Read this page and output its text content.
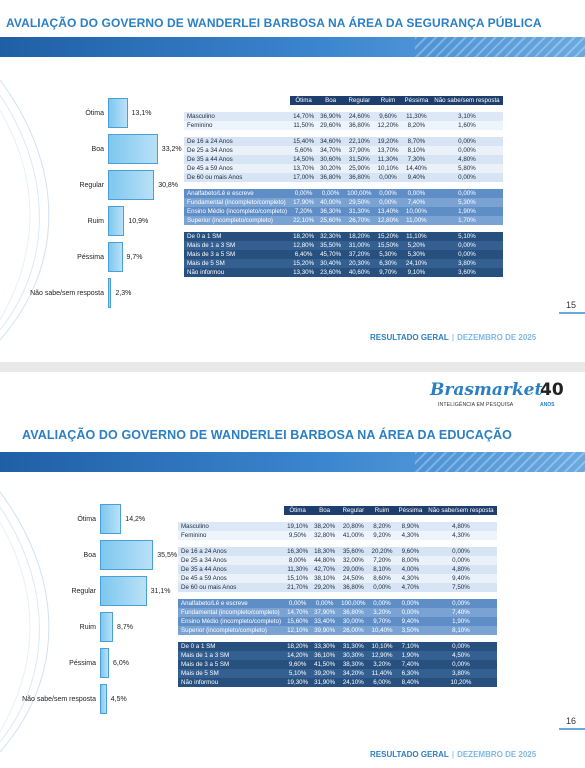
AVALIAÇÃO DO GOVERNO DE WANDERLEI BARBOSA NA ÁREA DA SEGURANÇA PÚBLICA
Ótima	13,1%
Boa	33,2%
Regular	30,8%
Ruim	10,9%
Péssima	9,7%
Não sabe/sem resposta	2,3%
	Ótima	Boa	Regular	Ruim	Péssima	Não sabe/sem resposta

Masculino	14,70%	36,90%	24,60%	9,60%	11,30%	3,10%
Feminino	11,50%	29,60%	36,80%	12,20%	8,20%	1,60%

De 16 a 24 Anos	15,40%	34,60%	22,10%	19,20%	8,70%	0,00%
De 25 a 34 Anos	5,60%	34,70%	37,90%	13,70%	8,10%	0,00%
De 35 a 44 Anos	14,50%	30,60%	31,50%	11,30%	7,30%	4,80%
De 45 a 59 Anos	13,70%	30,20%	25,90%	10,10%	14,40%	5,80%
De 60 ou mais Anos	17,00%	36,80%	36,80%	0,00%	9,40%	0,00%

Analfabeto/Lê e escreve	0,00%	0,00%	100,00%	0,00%	0,00%	0,00%
Fundamental (incompleto/completo)	17,90%	40,00%	29,50%	0,00%	7,40%	5,30%
Ensino Médio (incompleto/completo)	7,20%	36,30%	31,30%	13,40%	10,00%	1,90%
Superior (incompleto/completo)	22,10%	25,60%	26,70%	12,80%	11,00%	1,70%

De 0 a 1 SM	18,20%	32,30%	18,20%	15,20%	11,10%	5,10%
Mais de 1 a 3 SM	12,80%	35,50%	31,00%	15,50%	5,20%	0,00%
Mais de 3 a 5 SM	6,40%	45,70%	37,20%	5,30%	5,30%	0,00%
Mais de 5 SM	15,20%	30,40%	20,30%	6,30%	24,10%	3,80%
Não informou	13,30%	23,60%	40,60%	9,70%	9,10%	3,60%
15
RESULTADO GERAL | DEZEMBRO DE 2025
Brasmarket
40
INTELIGÊNCIA EM PESQUISA	ANOS
AVALIAÇÃO DO GOVERNO DE WANDERLEI BARBOSA NA ÁREA DA EDUCAÇÃO
Ótima	14,2%
Boa	35,5%
Regular	31,1%
Ruim	8,7%
Péssima	6,0%
Não sabe/sem resposta	4,5%
	Ótima	Boa	Regular	Ruim	Péssima	Não sabe/sem resposta

Masculino	19,10%	38,20%	20,80%	8,20%	8,90%	4,80%
Feminino	9,50%	32,80%	41,00%	9,20%	4,30%	4,30%

De 16 a 24 Anos	16,30%	18,30%	35,60%	20,20%	9,60%	0,00%
De 25 a 34 Anos	8,00%	44,80%	32,00%	7,20%	8,00%	0,00%
De 35 a 44 Anos	11,30%	42,70%	29,00%	8,10%	4,00%	4,80%
De 45 a 59 Anos	15,10%	38,10%	24,50%	8,60%	4,30%	9,40%
De 60 ou mais Anos	21,70%	29,20%	36,80%	0,00%	4,70%	7,50%

Analfabeto/Lê e escreve	0,00%	0,00%	100,00%	0,00%	0,00%	0,00%
Fundamental (incompleto/completo)	14,70%	37,90%	36,80%	3,20%	0,00%	7,40%
Ensino Médio (incompleto/completo)	15,60%	33,40%	30,00%	9,70%	9,40%	1,90%
Superior (incompleto/completo)	12,10%	39,90%	26,00%	10,40%	3,50%	8,10%

De 0 a 1 SM	18,20%	33,30%	31,30%	10,10%	7,10%	0,00%
Mais de 1 a 3 SM	14,20%	36,10%	30,30%	12,90%	1,90%	4,50%
Mais de 3 a 5 SM	9,60%	41,50%	38,30%	3,20%	7,40%	0,00%
Mais de 5 SM	5,10%	39,20%	34,20%	11,40%	6,30%	3,80%
Não informou	19,30%	31,90%	24,10%	6,00%	8,40%	10,20%
16
RESULTADO GERAL | DEZEMBRO DE 2025
